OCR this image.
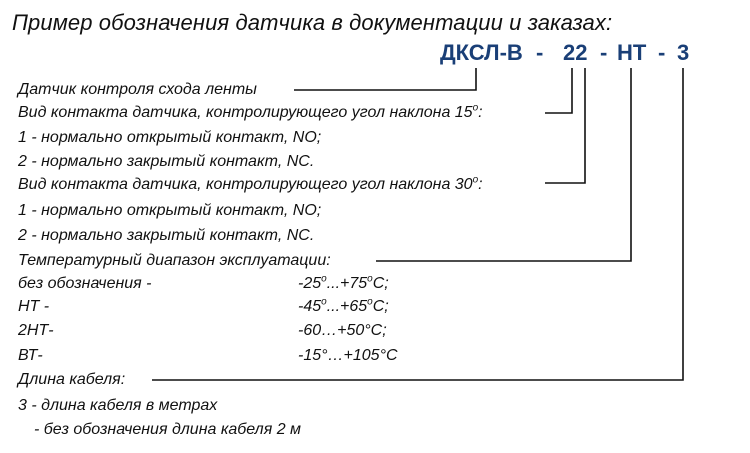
Пример обозначения датчика в документации и заказах:
ДКСЛ-В - 22 - НТ - 3
Датчик контроля схода ленты
Вид контакта датчика, контролирующего угол наклона 15$^o$:
1 - нормально открытый контакт, NO;
2 - нормально закрытый контакт, NC.
Вид контакта датчика, контролирующего угол наклона 30$^o$:
1 - нормально открытый контакт, NO;
2 - нормально закрытый контакт, NC.
Температурный диапазон эксплуатации:
без обозначения -	$-25^o...+75^oC$;
НТ -	$-45^o...+65^oC$;
2НТ-	-60…+50°C;
ВТ-	-15°…+105°C
Длина кабеля:
3 - длина кабеля в метрах
- без обозначения длина кабеля 2 м
